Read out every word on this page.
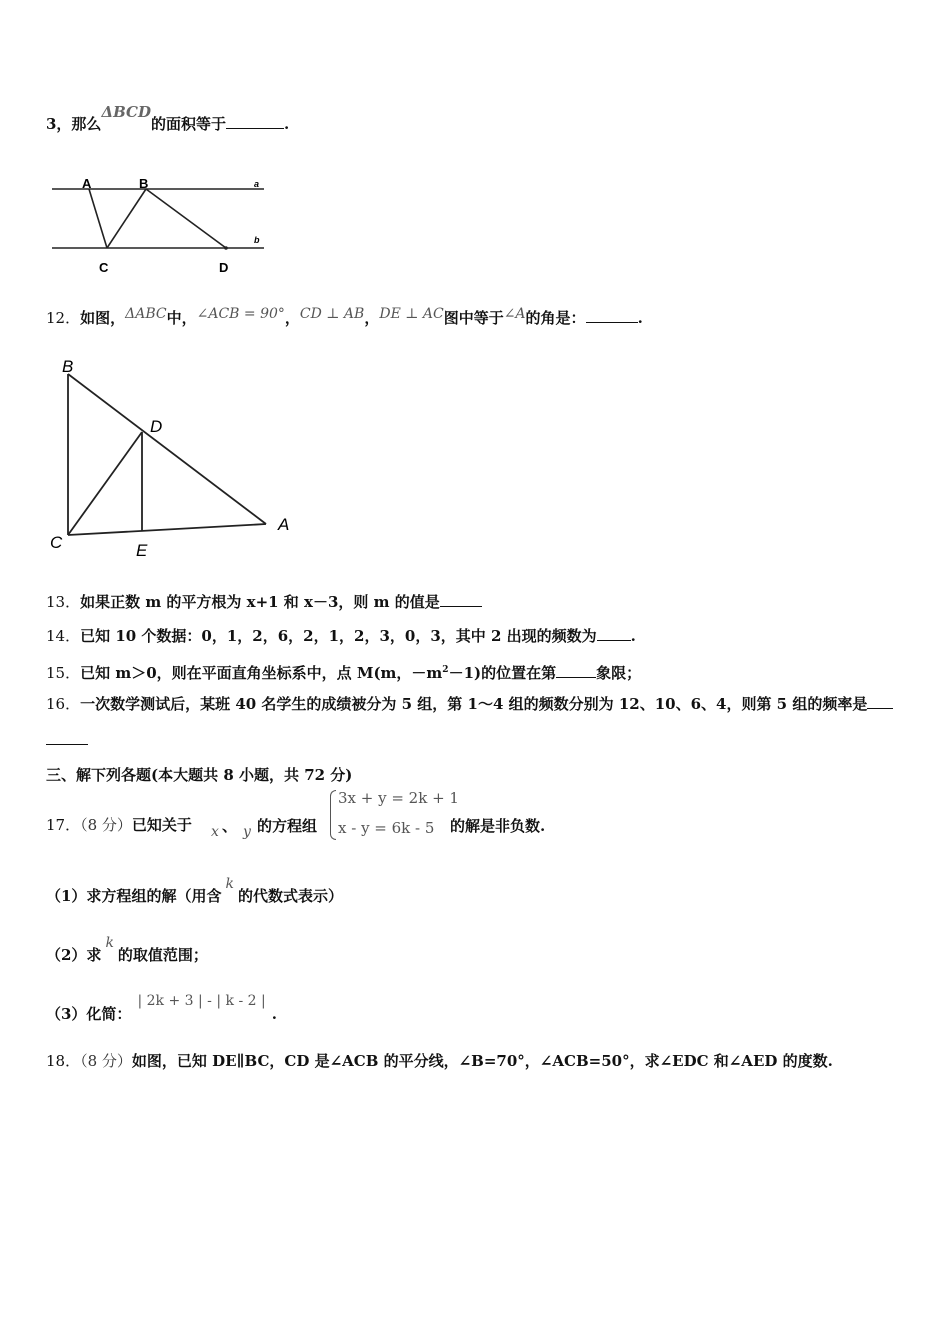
3，那么ΔBCD的面积等于	.
A	B
C	D
a
b
12．如图，ΔABC中，∠ACB = 90°，CD ⊥ AB，DE ⊥ AC图中等于∠A的角是：	.
B
D
A
C	E
13．如果正数 m 的平方根为 x+1 和 x－3，则 m 的值是
14．已知 10 个数据：0，1，2，6，2，1，2，3，0，3，其中 2 出现的频数为 .
15．已知 m＞0，则在平面直角坐标系中，点 M(m，$-m^2-1$)的位置在第	象限；
16．一次数学测试后，某班 40 名学生的成绩被分为 5 组，第 1～4 组的频数分别为 12、10、6、4，则第 5 组的频率是
三、解下列各题(本大题共 8 小题，共 72 分)
17．（8 分）已知关于 x 、 y 的方程组
3x + y = 2k + 1
x - y = 6k - 5 的解是非负数.
（1）求方程组的解（用含k的代数式表示）
（2）求k的取值范围；
（3）化简：| 2k + 3 | - | k - 2 |.
18．（8 分）如图，已知 DE∥BC，CD 是∠ACB 的平分线，∠B=70°，∠ACB=50°，求∠EDC 和∠AED 的度数.
